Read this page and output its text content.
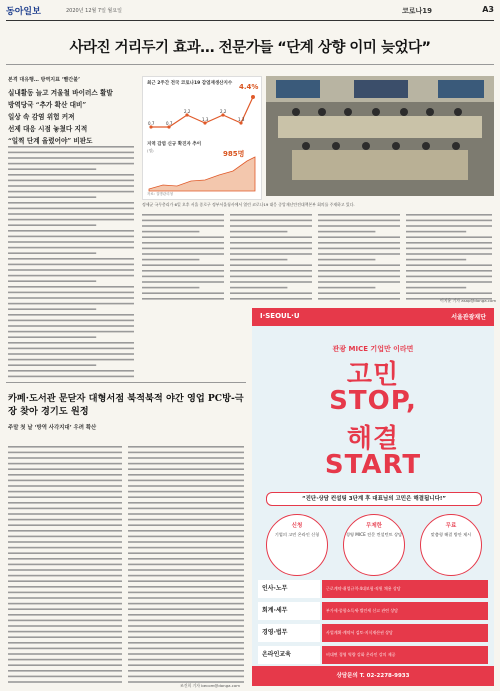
동아일보	2020년 12월 7일 월요일	코로나19	A3
사라진 거리두기 효과… 전문가들 “단계 상향 이미 늦었다”
본격 대유행… 방역지표 ‘빨간불’
실내활동 늘고 겨울철 바이러스 활발
방역당국 “추가 확산 대비”
일상 속 감염 위험 커져
선제 대응 시점 놓쳤다 지적
“일찍 단계 올렸어야” 비판도
최근 2주간 전국 코로나19 감염재생산지수
0.7	0.7
2.2
1.3
2.2
1.3
4.4%
지역 감염 신규 확진자 추이
(명)	985명
자료: 질병관리청
정세균 국무총리가 6일 오후 서울 종로구 정부서울청사에서 열린 코로나19 대응 중앙재난안전대책본부 회의를 주재하고 있다.
카페·도서관 문닫자 대형서점 북적북적 야간 영업 PC방-극장 찾아 경기도 원정
주말 첫 날 ‘방역 사각지대’ 우려 확산
이지윤 기자 asap@donga.com
조건희 기자 becom@donga.com
I·SEOUL·U	서울관광재단
관광 MICE 기업만 이라면
고민
STOP,
해결
START
“진단·상담 컨설팅 3단계 후 대표님의 고민은 해결됩니다!”
신청
기업의 고민 온라인 신청
무제한
경영 MICE 전문 컨설턴트 상담
무료
맞춤형 해결 방안 제시
인사·노무	근로계약·취업규칙·4대보험·직원 채용 상담
회계·세무	부가세·종합소득세·법인세 신고 관련 상담
경영·법무	사업계획·계약서 검토·지식재산권 상담
온라인교육	비대면 경영 역량 강화 온라인 강의 제공
상담문의 T. 02-2278-9933
